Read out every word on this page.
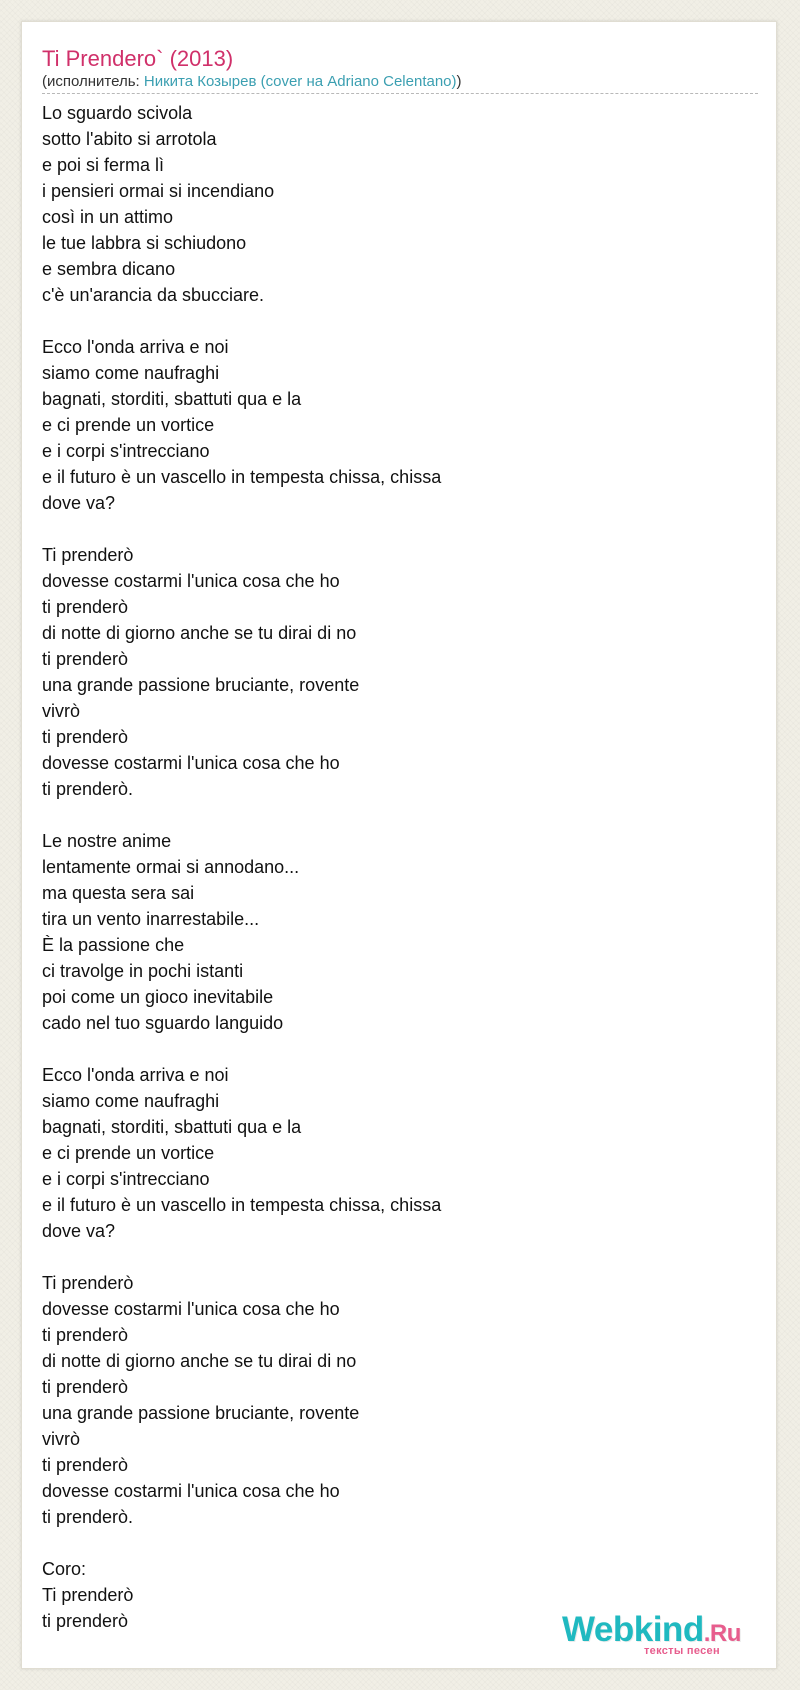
Ti Prendero` (2013)
(исполнитель: Никита Козырев (cover на Adriano Celentano))
Lo sguardo scivola
sotto l'abito si arrotola
e poi si ferma lì
i pensieri ormai si incendiano
così in un attimo
le tue labbra si schiudono
e sembra dicano
c'è un'arancia da sbucciare.
Ecco l'onda arriva e noi
siamo come naufraghi
bagnati, storditi, sbattuti qua e la
e ci prende un vortice
e i corpi s'intrecciano
e il futuro è un vascello in tempesta chissa, chissa
dove va?
Ti prenderò
dovesse costarmi l'unica cosa che ho
ti prenderò
di notte di giorno anche se tu dirai di no
ti prenderò
una grande passione bruciante, rovente
vivrò
ti prenderò
dovesse costarmi l'unica cosa che ho
ti prenderò.
Le nostre anime
lentamente ormai si annodano...
ma questa sera sai
tira un vento inarrestabile...
È la passione che
ci travolge in pochi istanti
poi come un gioco inevitabile
cado nel tuo sguardo languido
Ecco l'onda arriva e noi
siamo come naufraghi
bagnati, storditi, sbattuti qua e la
e ci prende un vortice
e i corpi s'intrecciano
e il futuro è un vascello in tempesta chissa, chissa
dove va?
Ti prenderò
dovesse costarmi l'unica cosa che ho
ti prenderò
di notte di giorno anche se tu dirai di no
ti prenderò
una grande passione bruciante, rovente
vivrò
ti prenderò
dovesse costarmi l'unica cosa che ho
ti prenderò.
Coro:
Ti prenderò
ti prenderò	Webkind.Ru
тексты песен
